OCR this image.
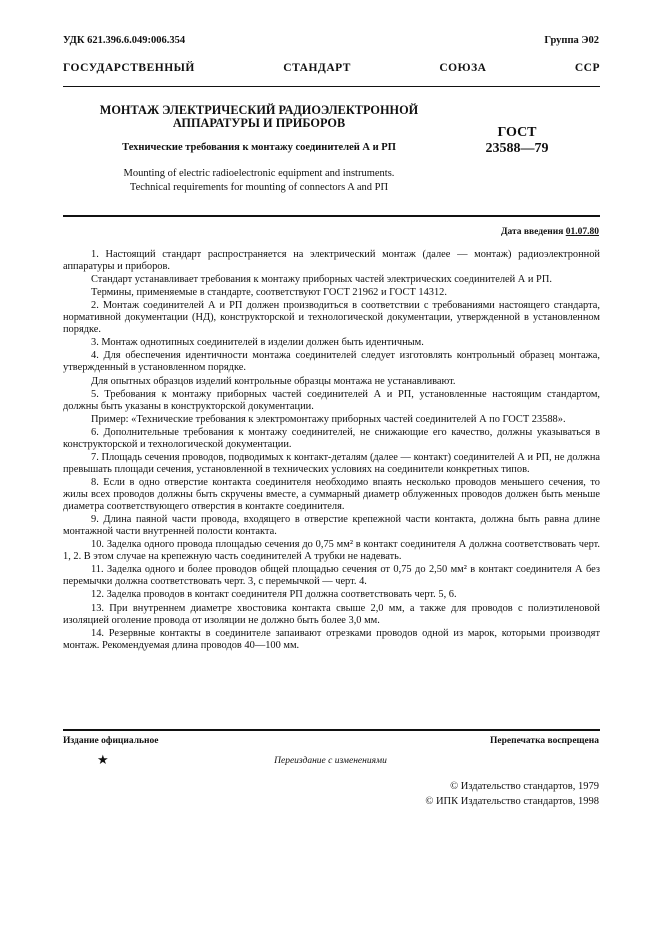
УДК 621.396.6.049:006.354	Группа Э02
ГОСУДАРСТВЕННЫЙ СТАНДАРТ СОЮЗА ССР
МОНТАЖ ЭЛЕКТРИЧЕСКИЙ РАДИОЭЛЕКТРОННОЙ
АППАРАТУРЫ И ПРИБОРОВ
Технические требования к монтажу соединителей А и РП
Mounting of electric radioelectronic equipment and instruments.
Technical requirements for mounting of connectors A and РП
ГОСТ
23588—79
Дата введения 01.07.80

1. Настоящий стандарт распространяется на электрический монтаж (далее — монтаж) радиоэлектронной аппаратуры и приборов.

Стандарт устанавливает требования к монтажу приборных частей электрических соединителей А и РП.

Термины, применяемые в стандарте, соответствуют ГОСТ 21962 и ГОСТ 14312.

2. Монтаж соединителей А и РП должен производиться в соответствии с требованиями настоящего стандарта, нормативной документации (НД), конструкторской и технологической документации, утвержденной в установленном порядке.

3. Монтаж однотипных соединителей в изделии должен быть идентичным.

4. Для обеспечения идентичности монтажа соединителей следует изготовлять контрольный образец монтажа, утвержденный в установленном порядке.

Для опытных образцов изделий контрольные образцы монтажа не устанавливают.

5. Требования к монтажу приборных частей соединителей А и РП, установленные настоящим стандартом, должны быть указаны в конструкторской документации.

Пример: «Технические требования к электромонтажу приборных частей соединителей А по ГОСТ 23588».

6. Дополнительные требования к монтажу соединителей, не снижающие его качество, должны указываться в конструкторской и технологической документации.

7. Площадь сечения проводов, подводимых к контакт-деталям (далее — контакт) соединителей А и РП, не должна превышать площади сечения, установленной в технических условиях на соединители конкретных типов.

8. Если в одно отверстие контакта соединителя необходимо впаять несколько проводов меньшего сечения, то жилы всех проводов должны быть скручены вместе, а суммарный диаметр облуженных проводов должен быть меньше диаметра соответствующего отверстия в контакте соединителя.

9. Длина паяной части провода, входящего в отверстие крепежной части контакта, должна быть равна длине монтажной части внутренней полости контакта.

10. Заделка одного провода площадью сечения до 0,75 мм² в контакт соединителя А должна соответствовать черт. 1, 2. В этом случае на крепежную часть соединителей А трубки не надевать.

11. Заделка одного и более проводов общей площадью сечения от 0,75 до 2,50 мм² в контакт соединителя А без перемычки должна соответствовать черт. 3, с перемычкой — черт. 4.

12. Заделка проводов в контакт соединителя РП должна соответствовать черт. 5, 6.

13. При внутреннем диаметре хвостовика контакта свыше 2,0 мм, а также для проводов с полиэтиленовой изоляцией оголение провода от изоляции не должно быть более 3,0 мм.

14. Резервные контакты в соединителе запаивают отрезками проводов одной из марок, которыми производят монтаж. Рекомендуемая длина проводов 40—100 мм.

Издание официальное	Перепечатка воспрещена
★	Переиздание с изменениями
© Издательство стандартов, 1979
© ИПК Издательство стандартов, 1998
